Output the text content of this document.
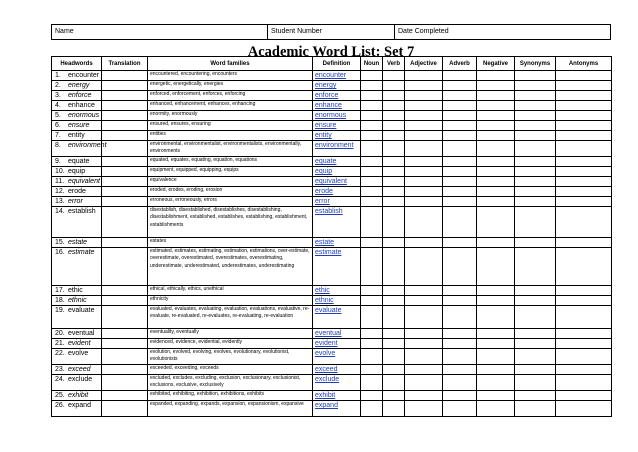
Name	Student Number	Date Completed
Academic Word List: Set 7
Headwords	Translation	Word families	Definition	Noun	Verb	Adjective	Adverb	Negative	Synonyms	Antonyms
1. encounter		encountered, encountering, encounters	encounter							
2. energy		energetic, energetically, energies	energy							
3. enforce		enforced, enforcement, enforces, enforcing	enforce							
4. enhance		enhanced, enhancement, enhances, enhancing	enhance							
5. enormous		enormity, enormously	enormous							
6. ensure		ensured, ensures, ensuring	ensure							
7. entity		entities	entity							
8. environment		environmental, environmentalist, environmentalists, environmentally, environments	environment							
9. equate		equated, equates, equating, equation, equations	equate							
10. equip		equipment, equipped, equipping, equips	equip							
11. equivalent		equivalence	equivalent							
12. erode		eroded, erodes, eroding, erosion	erode							
13. error		erroneous, erroneously, errors	error							
14. establish		disestablish, disestablished, disestablishes, disestablishing, disestablishment, established, establishes, establishing, establishment, establishments	establish							
15. estate		estates	estate							
16. estimate		estimated, estimates, estimating, estimation, estimations, over-estimate, overestimate, overestimated, overestimates, overestimating, underestimate, underestimated, underestimates, underestimating	estimate							
17. ethic		ethical, ethically, ethics, unethical	ethic							
18. ethnic		ethnicity	ethnic							
19. evaluate		evaluated, evaluates, evaluating, evaluation, evaluations, evaluative, re-evaluate, re-evaluated, re-evaluates, re-evaluating, re-evaluation	evaluate							
20. eventual		eventuality, eventually	eventual							
21. evident		evidenced, evidence, evidential, evidently	evident							
22. evolve		evolution, evolved, evolving, evolves, evolutionary, evolutionist, evolutionists	evolve							
23. exceed		exceeded, exceeding, exceeds	exceed							
24. exclude		excluded, excludes, excluding, exclusion, exclusionary, exclusionist, exclusions, exclusive, exclusively	exclude							
25. exhibit		exhibited, exhibiting, exhibition, exhibitions, exhibits	exhibit							
26. expand		expanded, expanding, expands, expansion, expansionism, expansive	expand							
